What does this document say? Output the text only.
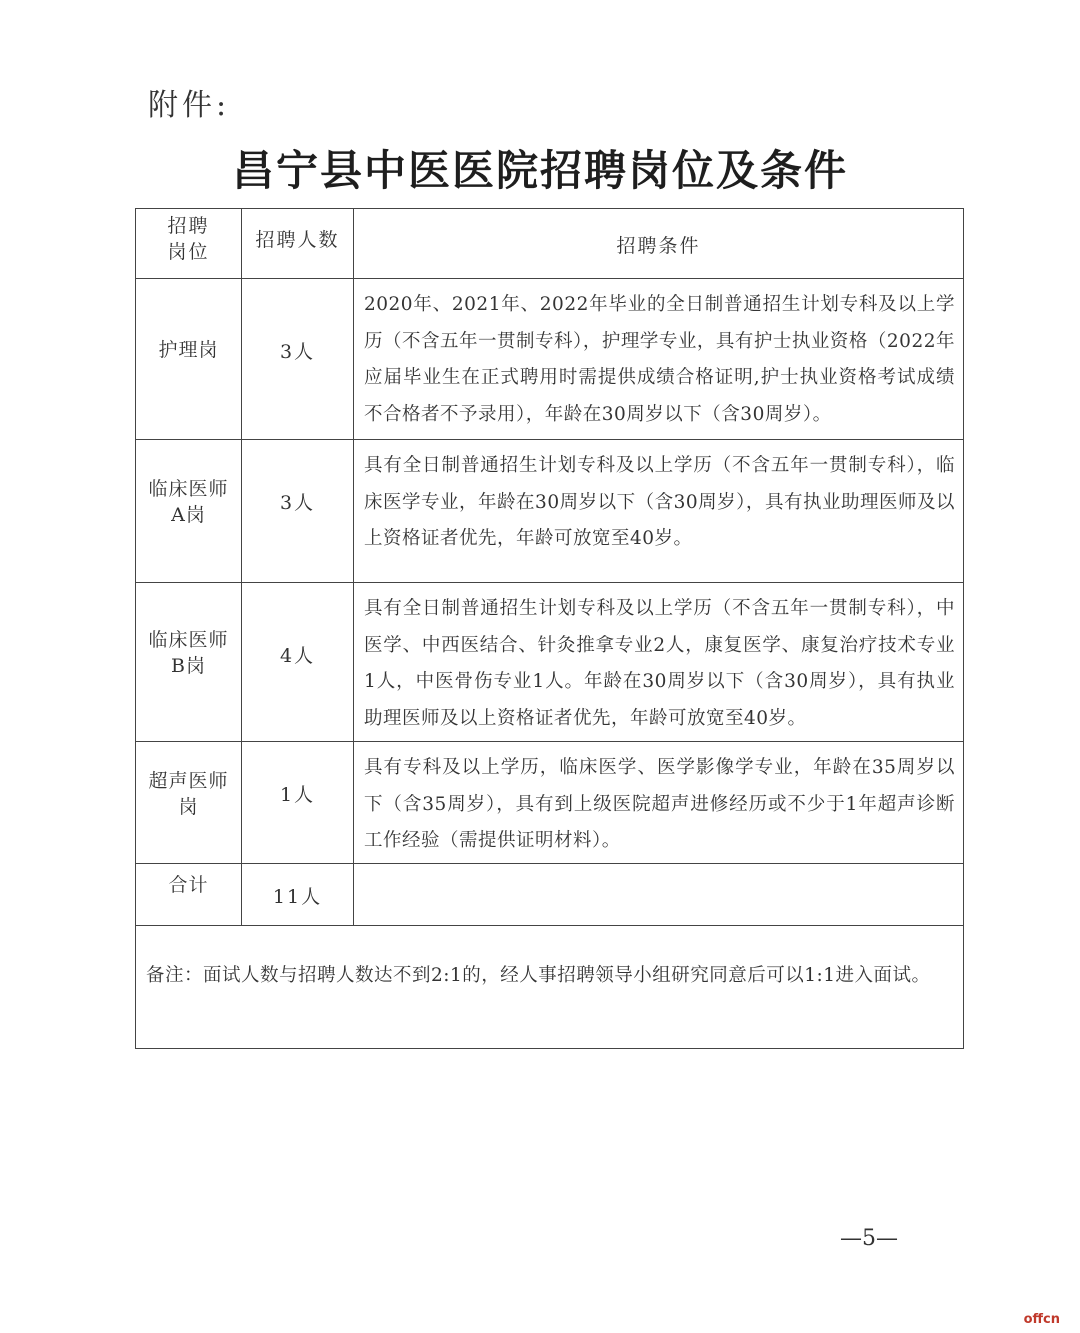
附件:
昌宁县中医医院招聘岗位及条件
招聘岗位	招聘人数	招聘条件

护理岗	3人	2020年、2021年、2022年毕业的全日制普通招生计划专科及以上学历（不含五年一贯制专科），护理学专业，具有护士执业资格（2022年应届毕业生在正式聘用时需提供成绩合格证明,护士执业资格考试成绩不合格者不予录用），年龄在30周岁以下（含30周岁）。

临床医师A岗	3人	具有全日制普通招生计划专科及以上学历（不含五年一贯制专科），临床医学专业，年龄在30周岁以下（含30周岁），具有执业助理医师及以上资格证者优先，年龄可放宽至40岁。

临床医师B岗	4人	具有全日制普通招生计划专科及以上学历（不含五年一贯制专科），中医学、中西医结合、针灸推拿专业2人，康复医学、康复治疗技术专业1人，中医骨伤专业1人。年龄在30周岁以下（含30周岁），具有执业助理医师及以上资格证者优先，年龄可放宽至40岁。

超声医师岗	1人	具有专科及以上学历，临床医学、医学影像学专业，年龄在35周岁以下（含35周岁），具有到上级医院超声进修经历或不少于1年超声诊断工作经验（需提供证明材料）。

合计	11人	

备注：面试人数与招聘人数达不到2:1的，经人事招聘领导小组研究同意后可以1:1进入面试。		
—5—
offcn
